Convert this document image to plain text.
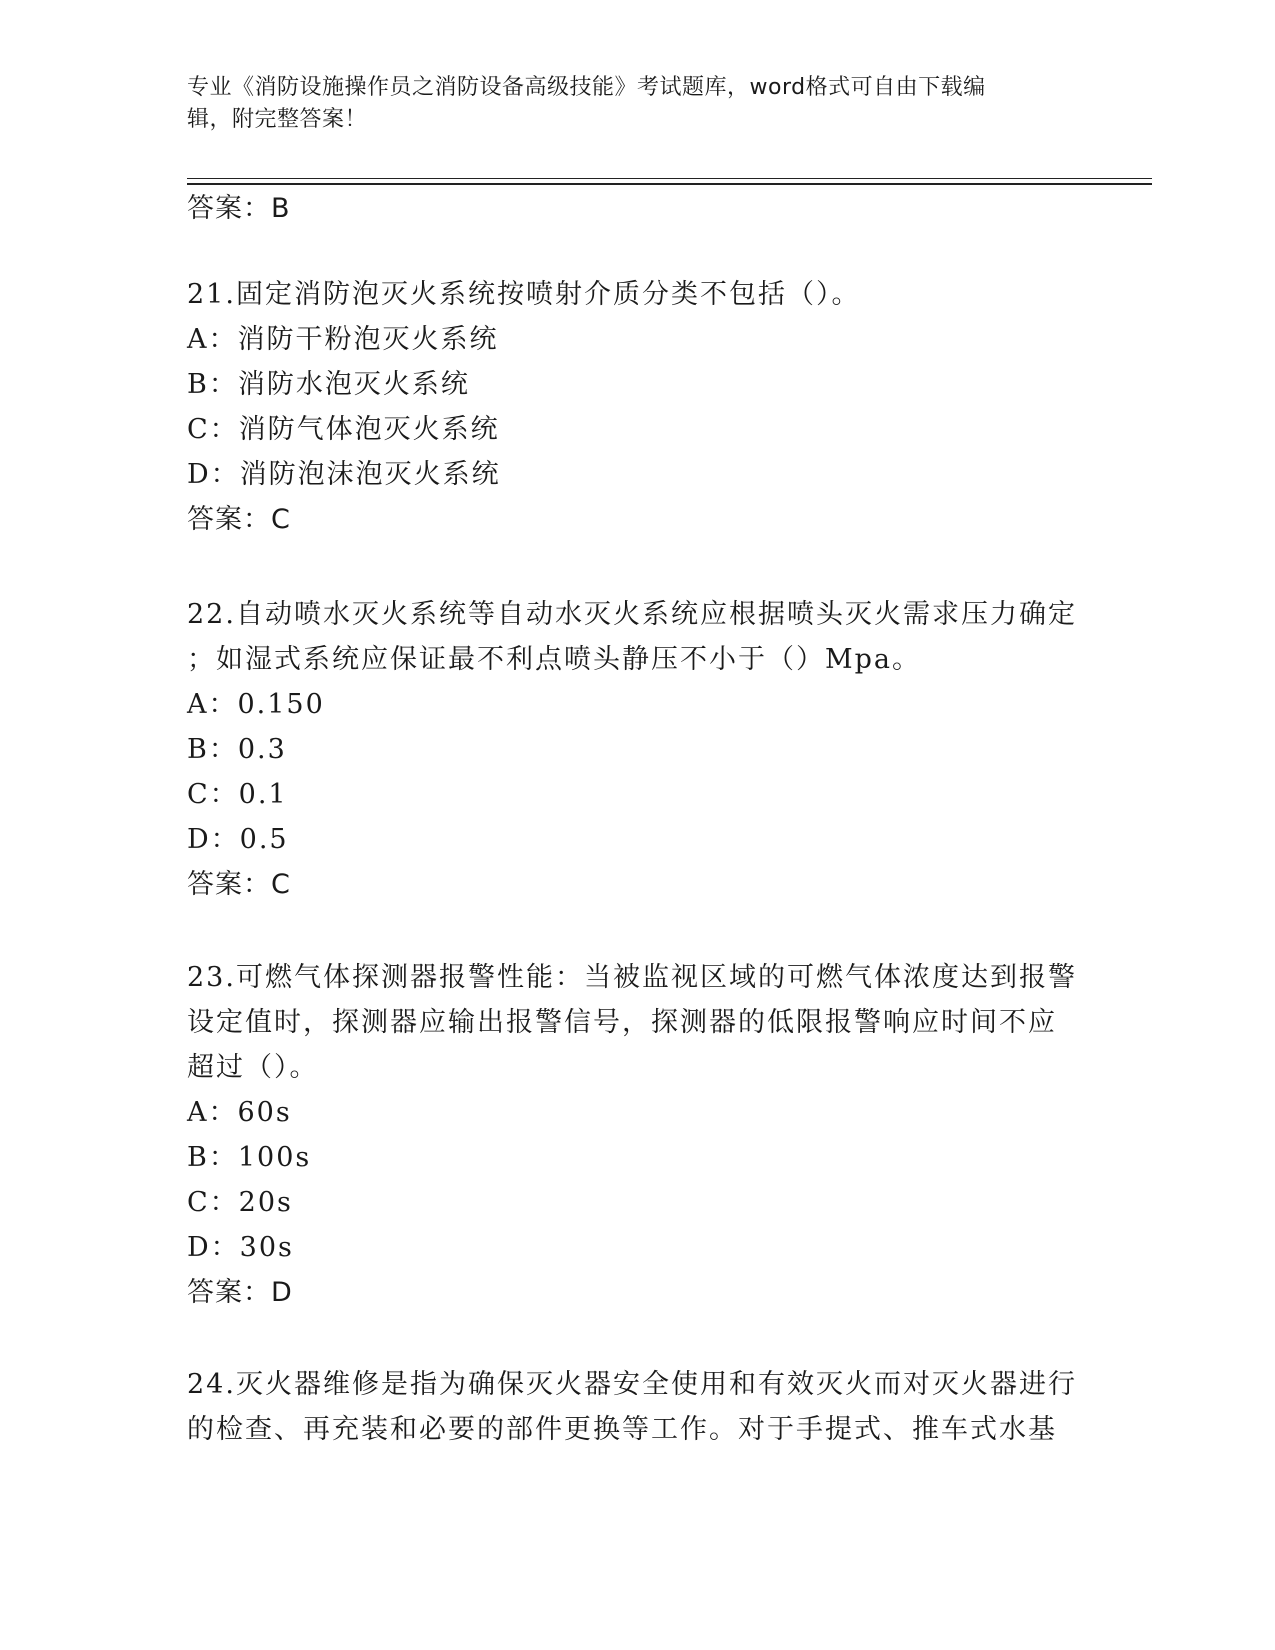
专业《消防设施操作员之消防设备高级技能》考试题库，word格式可自由下载编
辑，附完整答案！
答案：B
21.固定消防泡灭火系统按喷射介质分类不包括（）。
A：消防干粉泡灭火系统
B：消防水泡灭火系统
C：消防气体泡灭火系统
D：消防泡沫泡灭火系统
答案：C
22.自动喷水灭火系统等自动水灭火系统应根据喷头灭火需求压力确定
；如湿式系统应保证最不利点喷头静压不小于（）Mpa。
A：0.150
B：0.3
C：0.1
D：0.5
答案：C
23.可燃气体探测器报警性能：当被监视区域的可燃气体浓度达到报警
设定值时，探测器应输出报警信号，探测器的低限报警响应时间不应
超过（）。
A：60s
B：100s
C：20s
D：30s
答案：D
24.灭火器维修是指为确保灭火器安全使用和有效灭火而对灭火器进行
的检查、再充装和必要的部件更换等工作。对于手提式、推车式水基
